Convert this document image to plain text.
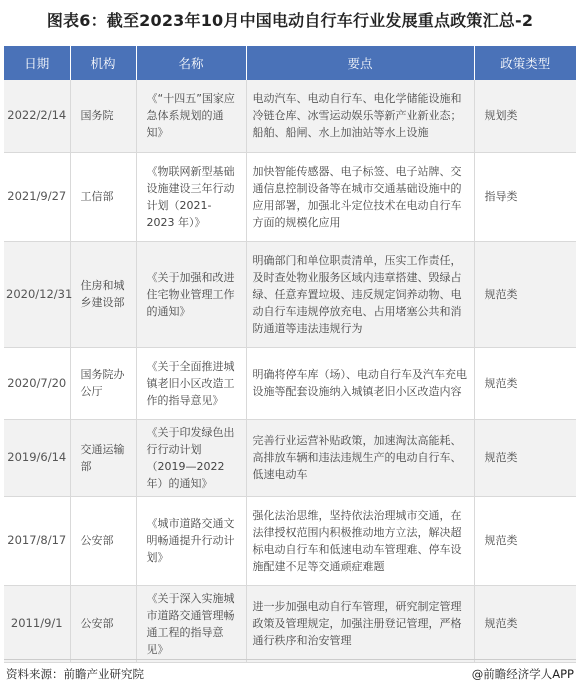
图表6：截至2023年10月中国电动自行车行业发展重点政策汇总-2
日期	机构	名称	要点	政策类型
2022/2/14	国务院	《“十四五”国家应急体系规划的通知》	电动汽车、电动自行车、电化学储能设施和冷链仓库、冰雪运动娱乐等新产业新业态；船舶、船闸、水上加油站等水上设施	规划类
2021/9/27	工信部	《物联网新型基础设施建设三年行动计划（2021-2023 年）》	加快智能传感器、电子标签、电子站牌、交通信息控制设备等在城市交通基础设施中的应用部署，加强北斗定位技术在电动自行车方面的规模化应用	指导类
2020/12/31	住房和城乡建设部	《关于加强和改进住宅物业管理工作的通知》	明确部门和单位职责清单，压实工作责任，及时查处物业服务区域内违章搭建、毁绿占绿、任意弃置垃圾、违反规定饲养动物、电动自行车违规停放充电、占用堵塞公共和消防通道等违法违规行为	规范类
2020/7/20	国务院办公厅	《关于全面推进城镇老旧小区改造工作的指导意见》	明确将停车库（场）、电动自行车及汽车充电设施等配套设施纳入城镇老旧小区改造内容	规范类
2019/6/14	交通运输部	《关于印发绿色出行行动计划（2019—2022 年）的通知》	完善行业运营补贴政策，加速淘汰高能耗、高排放车辆和违法违规生产的电动自行车、低速电动车	规范类
2017/8/17	公安部	《城市道路交通文明畅通提升行动计划》	强化法治思维，坚持依法治理城市交通，在法律授权范围内积极推动地方立法，解决超标电动自行车和低速电动车管理难、停车设施配建不足等交通顽症难题	规范类
2011/9/1	公安部	《关于深入实施城市道路交通管理畅通工程的指导意见》	进一步加强电动自行车管理，研究制定管理政策及管理规定，加强注册登记管理，严格通行秩序和治安管理	规范类
资料来源：前瞻产业研究院	@前瞻经济学人APP
